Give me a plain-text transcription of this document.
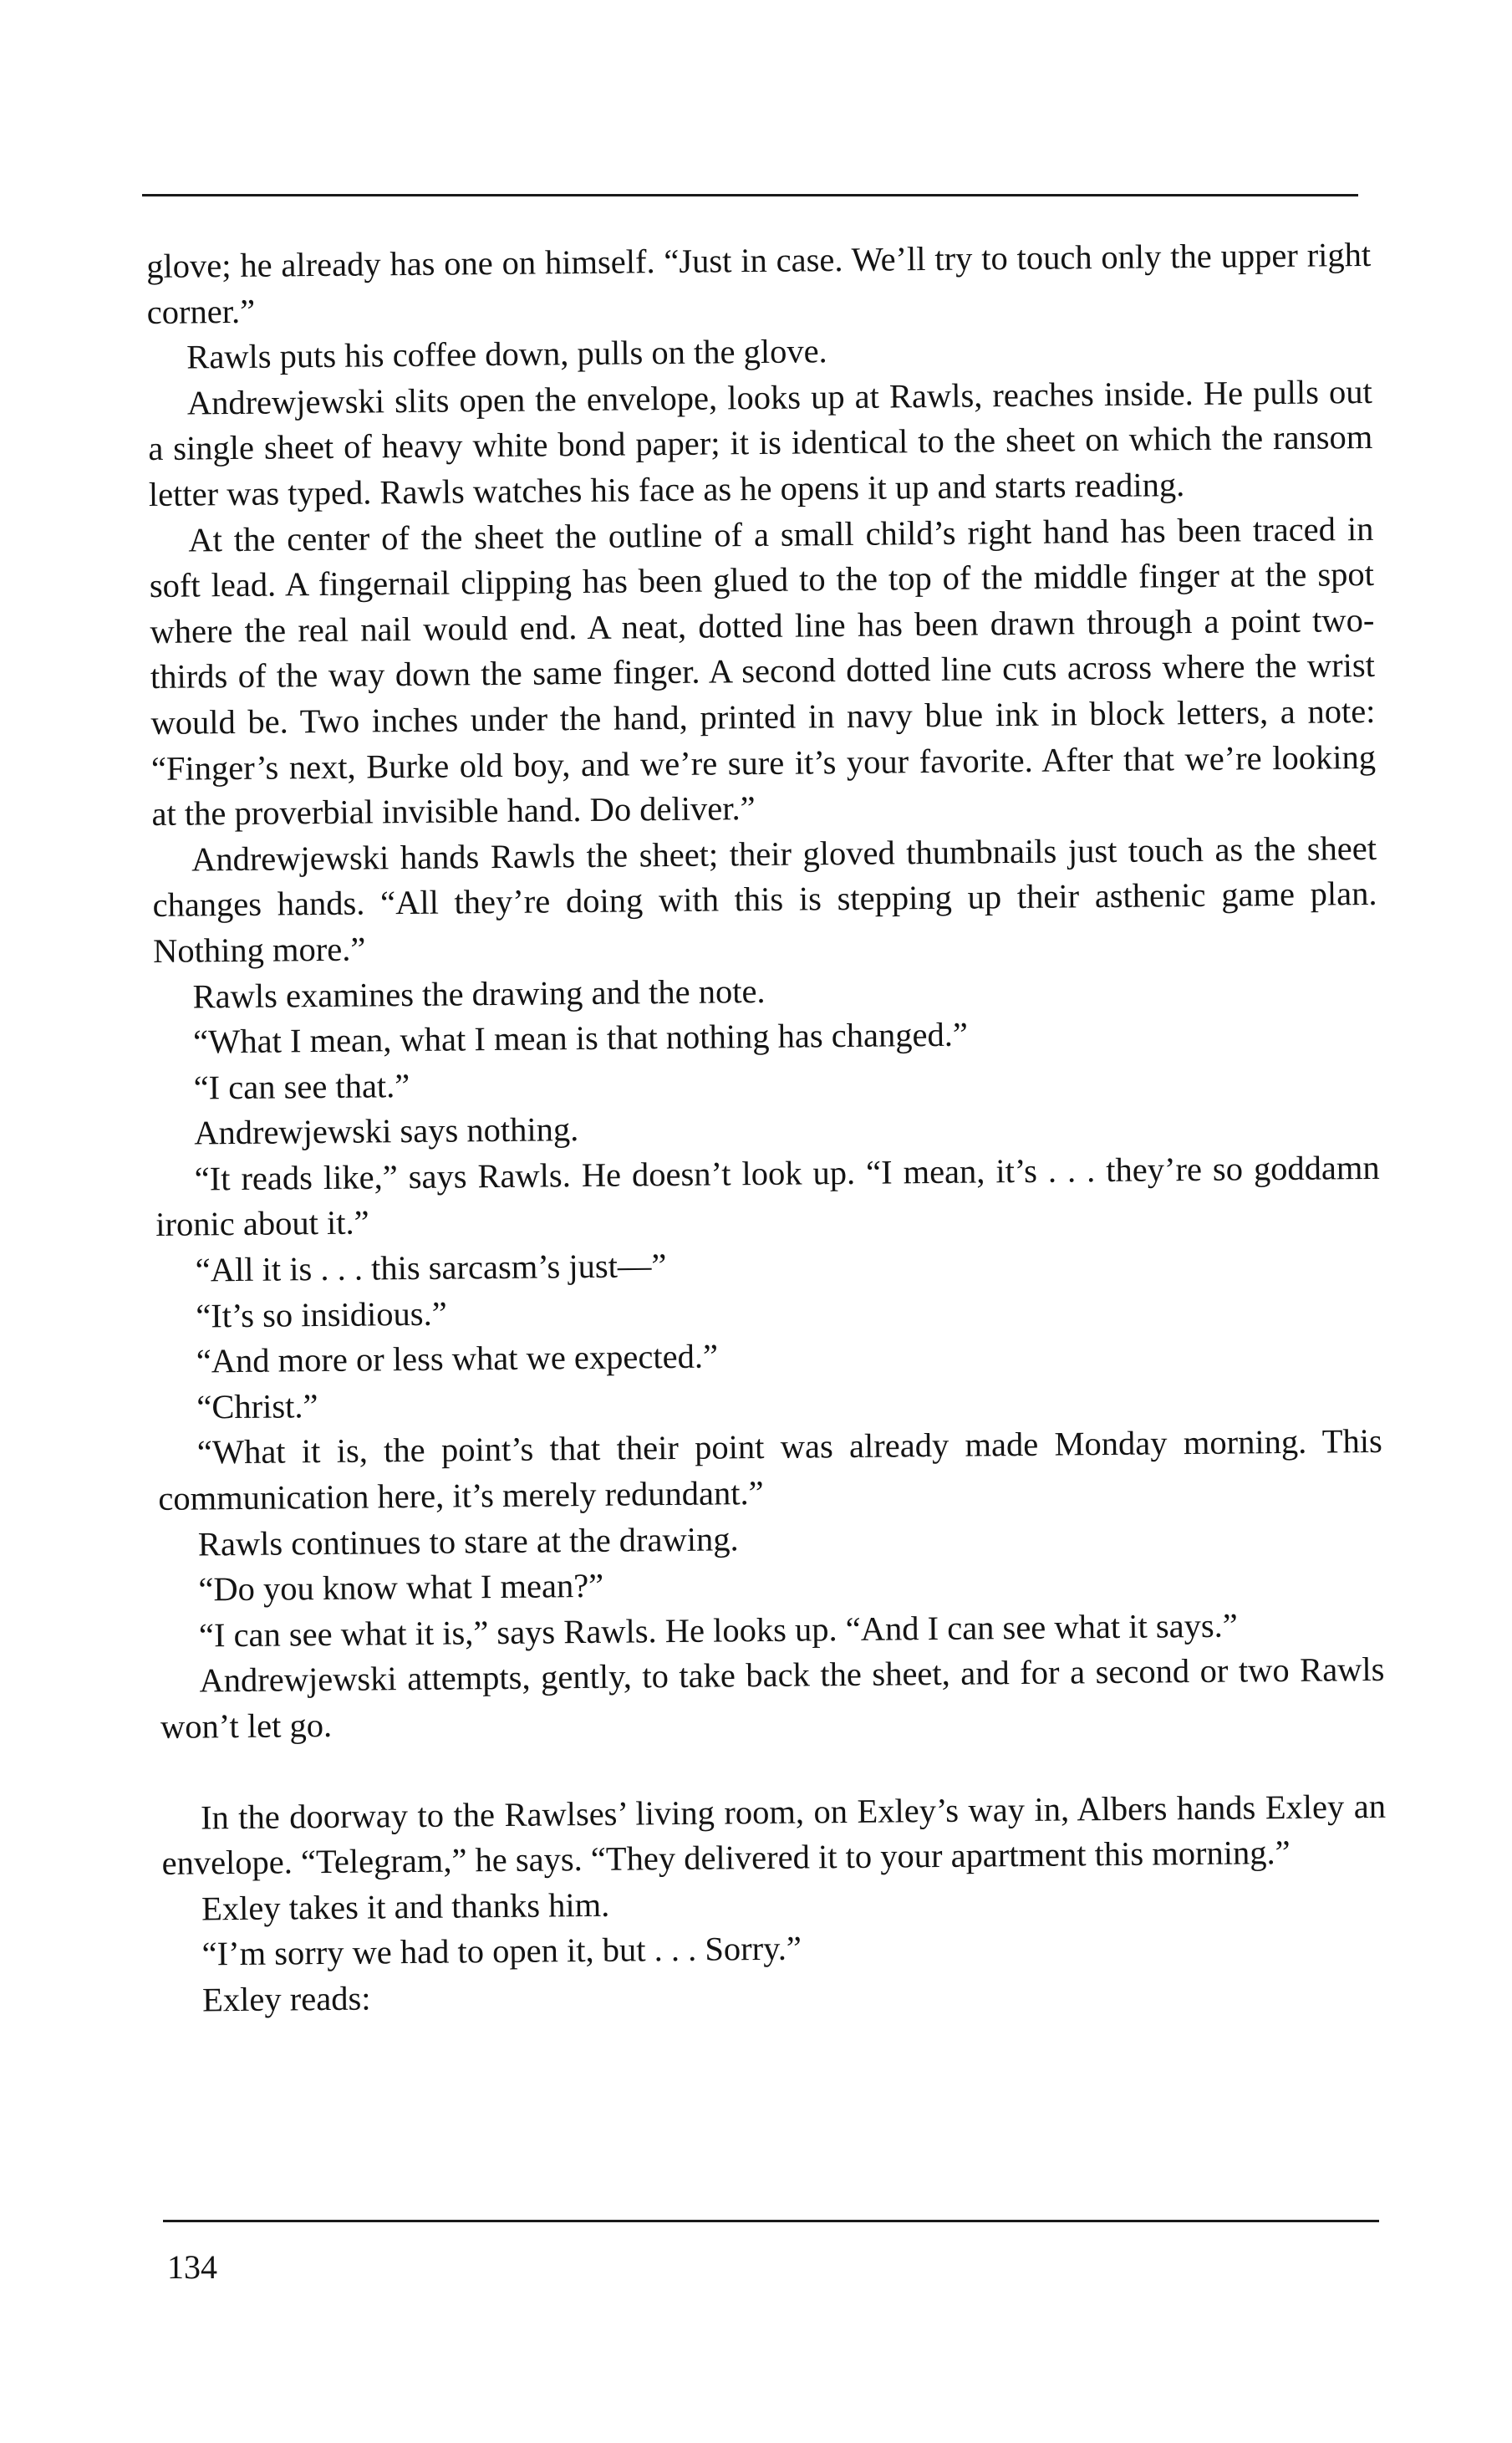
glove; he already has one on himself. “Just in case. We’ll try to touch only the upper right corner.”

Rawls puts his coffee down, pulls on the glove.

Andrewjewski slits open the envelope, looks up at Rawls, reaches inside. He pulls out a single sheet of heavy white bond paper; it is identical to the sheet on which the ransom letter was typed. Rawls watches his face as he opens it up and starts reading.

At the center of the sheet the outline of a small child’s right hand has been traced in soft lead. A fingernail clipping has been glued to the top of the middle finger at the spot where the real nail would end. A neat, dotted line has been drawn through a point two-thirds of the way down the same finger. A second dotted line cuts across where the wrist would be. Two inches under the hand, printed in navy blue ink in block letters, a note: “Finger’s next, Burke old boy, and we’re sure it’s your favorite. After that we’re looking at the proverbial invisible hand. Do deliver.”

Andrewjewski hands Rawls the sheet; their gloved thumbnails just touch as the sheet changes hands. “All they’re doing with this is stepping up their asthenic game plan. Nothing more.”

Rawls examines the drawing and the note.

“What I mean, what I mean is that nothing has changed.”

“I can see that.”

Andrewjewski says nothing.

“It reads like,” says Rawls. He doesn’t look up. “I mean, it’s . . . they’re so goddamn ironic about it.”

“All it is . . . this sarcasm’s just—”

“It’s so insidious.”

“And more or less what we expected.”

“Christ.”

“What it is, the point’s that their point was already made Monday morning. This communication here, it’s merely redundant.”

Rawls continues to stare at the drawing.

“Do you know what I mean?”

“I can see what it is,” says Rawls. He looks up. “And I can see what it says.”

Andrewjewski attempts, gently, to take back the sheet, and for a second or two Rawls won’t let go.

In the doorway to the Rawlses’ living room, on Exley’s way in, Albers hands Exley an envelope. “Telegram,” he says. “They delivered it to your apartment this morning.”

Exley takes it and thanks him.

“I’m sorry we had to open it, but . . . Sorry.”

Exley reads:

134
